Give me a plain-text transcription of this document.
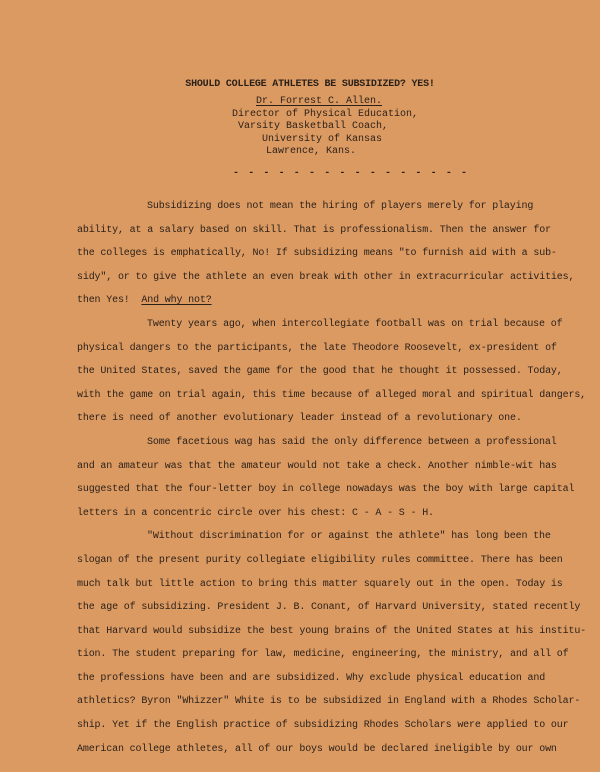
SHOULD COLLEGE ATHLETES BE SUBSIDIZED? YES!
Dr. Forrest C. Allen.
Director of Physical Education,
Varsity Basketball Coach,
University of Kansas
Lawrence, Kans.
- - - - - - - - - - - - - - - -
Subsidizing does not mean the hiring of players merely for playing
ability, at a salary based on skill. That is professionalism. Then the answer for
the colleges is emphatically, No! If subsidizing means "to furnish aid with a sub-
sidy", or to give the athlete an even break with other in extracurricular activities,
then Yes! And why not?
Twenty years ago, when intercollegiate football was on trial because of
physical dangers to the participants, the late Theodore Roosevelt, ex-president of
the United States, saved the game for the good that he thought it possessed. Today,
with the game on trial again, this time because of alleged moral and spiritual dangers,
there is need of another evolutionary leader instead of a revolutionary one.
Some facetious wag has said the only difference between a professional
and an amateur was that the amateur would not take a check. Another nimble-wit has
suggested that the four-letter boy in college nowadays was the boy with large capital
letters in a concentric circle over his chest: C - A - S - H.
"Without discrimination for or against the athlete" has long been the
slogan of the present purity collegiate eligibility rules committee. There has been
much talk but little action to bring this matter squarely out in the open. Today is
the age of subsidizing. President J. B. Conant, of Harvard University, stated recently
that Harvard would subsidize the best young brains of the United States at his institu-
tion. The student preparing for law, medicine, engineering, the ministry, and all of
the professions have been and are subsidized. Why exclude physical education and
athletics? Byron "Whizzer" White is to be subsidized in England with a Rhodes Scholar-
ship. Yet if the English practice of subsidizing Rhodes Scholars were applied to our
American college athletes, all of our boys would be declared ineligible by our own
